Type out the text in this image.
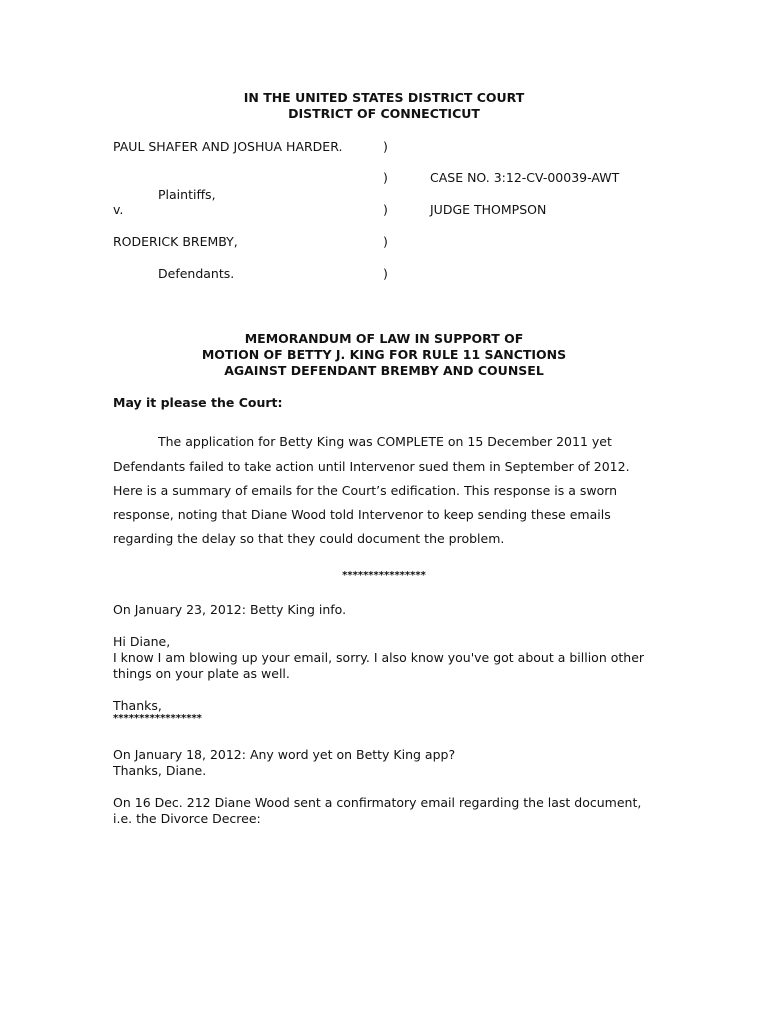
IN THE UNITED STATES DISTRICT COURT
DISTRICT OF CONNECTICUT
PAUL SHAFER AND JOSHUA HARDER.	)
)	CASE NO. 3:12-CV-00039-AWT
Plaintiffs,
v.	)	JUDGE THOMPSON
RODERICK BREMBY,	)
Defendants.	)
MEMORANDUM OF LAW IN SUPPORT OF
MOTION OF BETTY J. KING FOR RULE 11 SANCTIONS
AGAINST DEFENDANT BREMBY AND COUNSEL
May it please the Court:
The application for Betty King was COMPLETE on 15 December 2011 yet
Defendants failed to take action until Intervenor sued them in September of 2012.
Here is a summary of emails for the Court’s edification. This response is a sworn
response, noting that Diane Wood told Intervenor to keep sending these emails
regarding the delay so that they could document the problem.
****************
On January 23, 2012: Betty King info.
Hi Diane,
I know I am blowing up your email, sorry. I also know you've got about a billion other
things on your plate as well.
Thanks,
*****************
On January 18, 2012: Any word yet on Betty King app?
Thanks, Diane.
On 16 Dec. 212 Diane Wood sent a confirmatory email regarding the last document,
i.e. the Divorce Decree:
